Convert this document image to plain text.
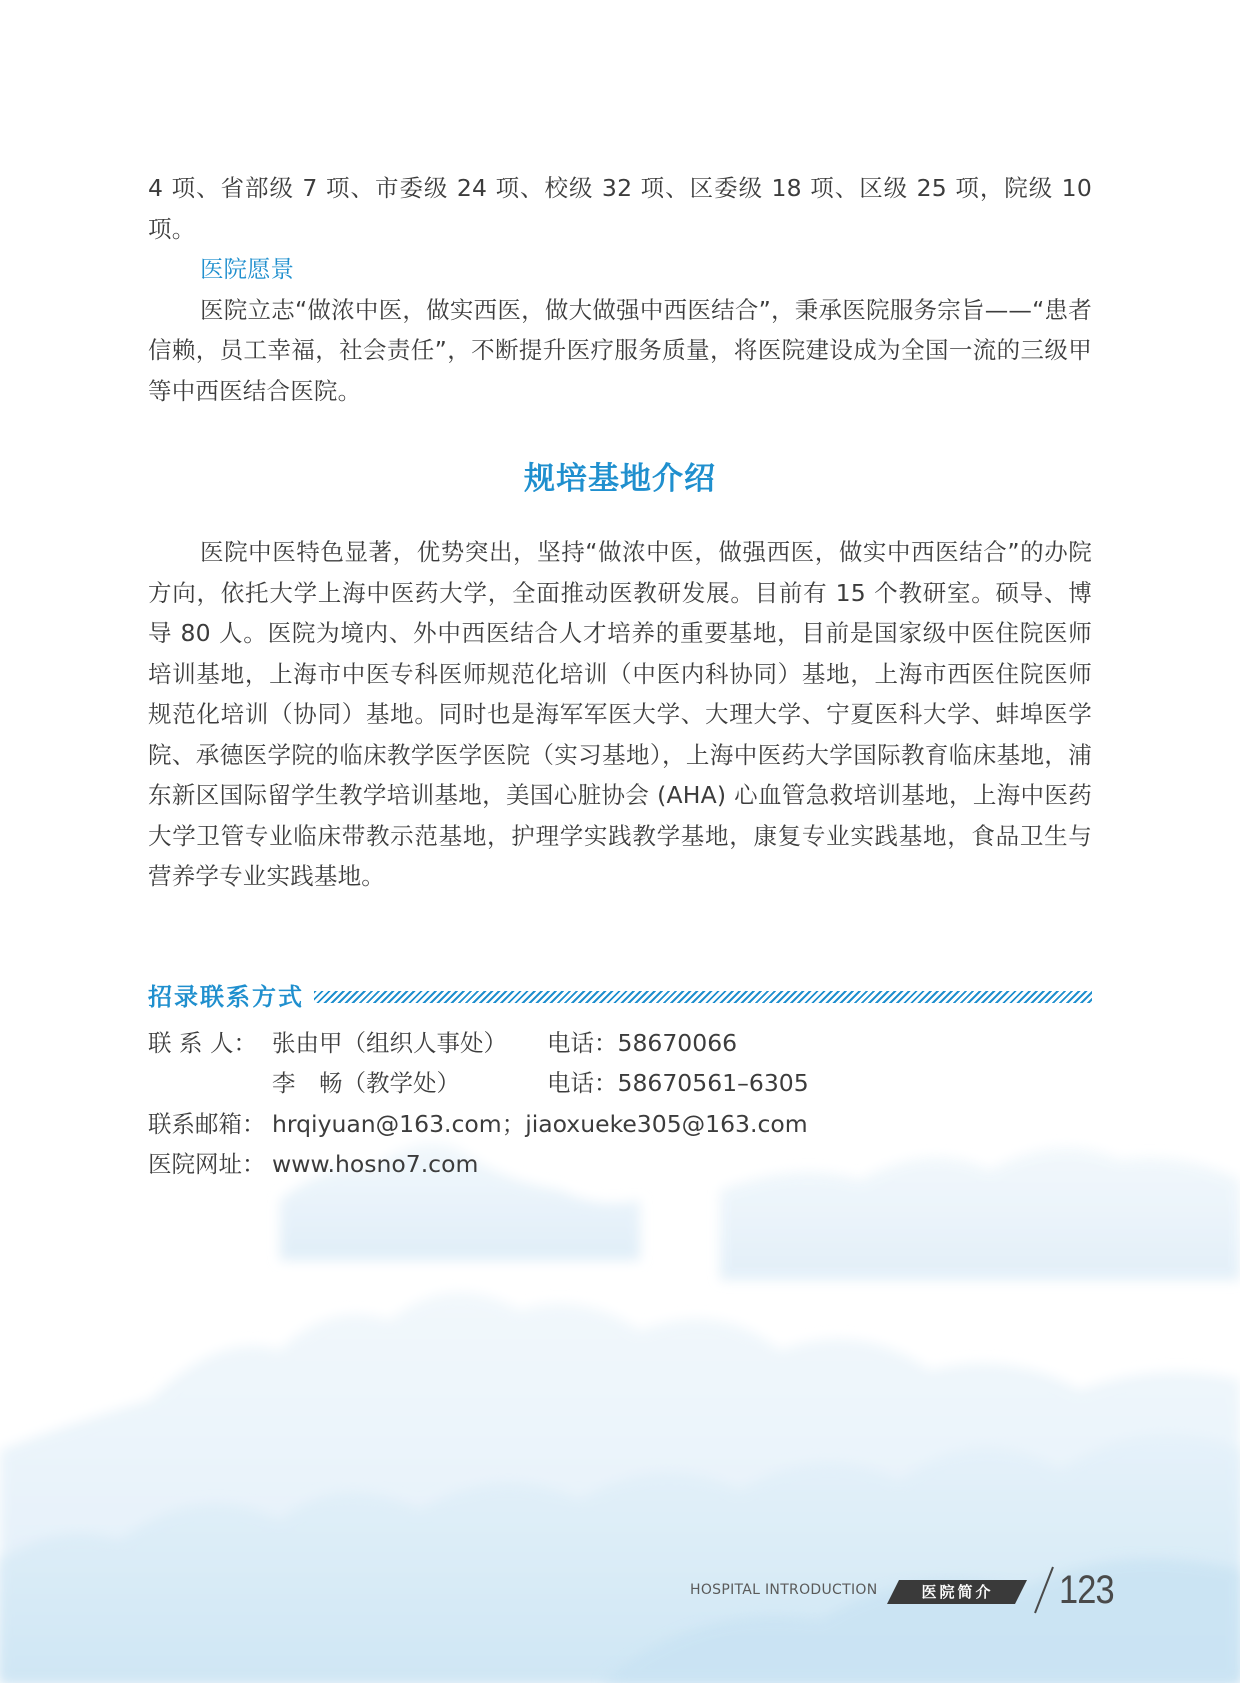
4 项、省部级 7 项、市委级 24 项、校级 32 项、区委级 18 项、区级 25 项，院级 10 项。

医院愿景

医院立志“做浓中医，做实西医，做大做强中西医结合”，秉承医院服务宗旨——“患者信赖，员工幸福，社会责任”，不断提升医疗服务质量，将医院建设成为全国一流的三级甲等中西医结合医院。

规培基地介绍

医院中医特色显著，优势突出，坚持“做浓中医，做强西医，做实中西医结合”的办院方向，依托大学上海中医药大学，全面推动医教研发展。目前有 15 个教研室。硕导、博导 80 人。医院为境内、外中西医结合人才培养的重要基地，目前是国家级中医住院医师培训基地，上海市中医专科医师规范化培训（中医内科协同）基地，上海市西医住院医师规范化培训（协同）基地。同时也是海军军医大学、大理大学、宁夏医科大学、蚌埠医学院、承德医学院的临床教学医学医院（实习基地），上海中医药大学国际教育临床基地，浦东新区国际留学生教学培训基地，美国心脏协会 (AHA) 心血管急救培训基地，上海中医药大学卫管专业临床带教示范基地，护理学实践教学基地，康复专业实践基地，食品卫生与营养学专业实践基地。

招录联系方式
联 系 人： 张由甲（组织人事处）	电话：58670066
李　畅（教学处）	电话：58670561–6305
联系邮箱： hrqiyuan@163.com；jiaoxueke305@163.com
医院网址： www.hosno7.com
HOSPITAL INTRODUCTION	医院简介	123
